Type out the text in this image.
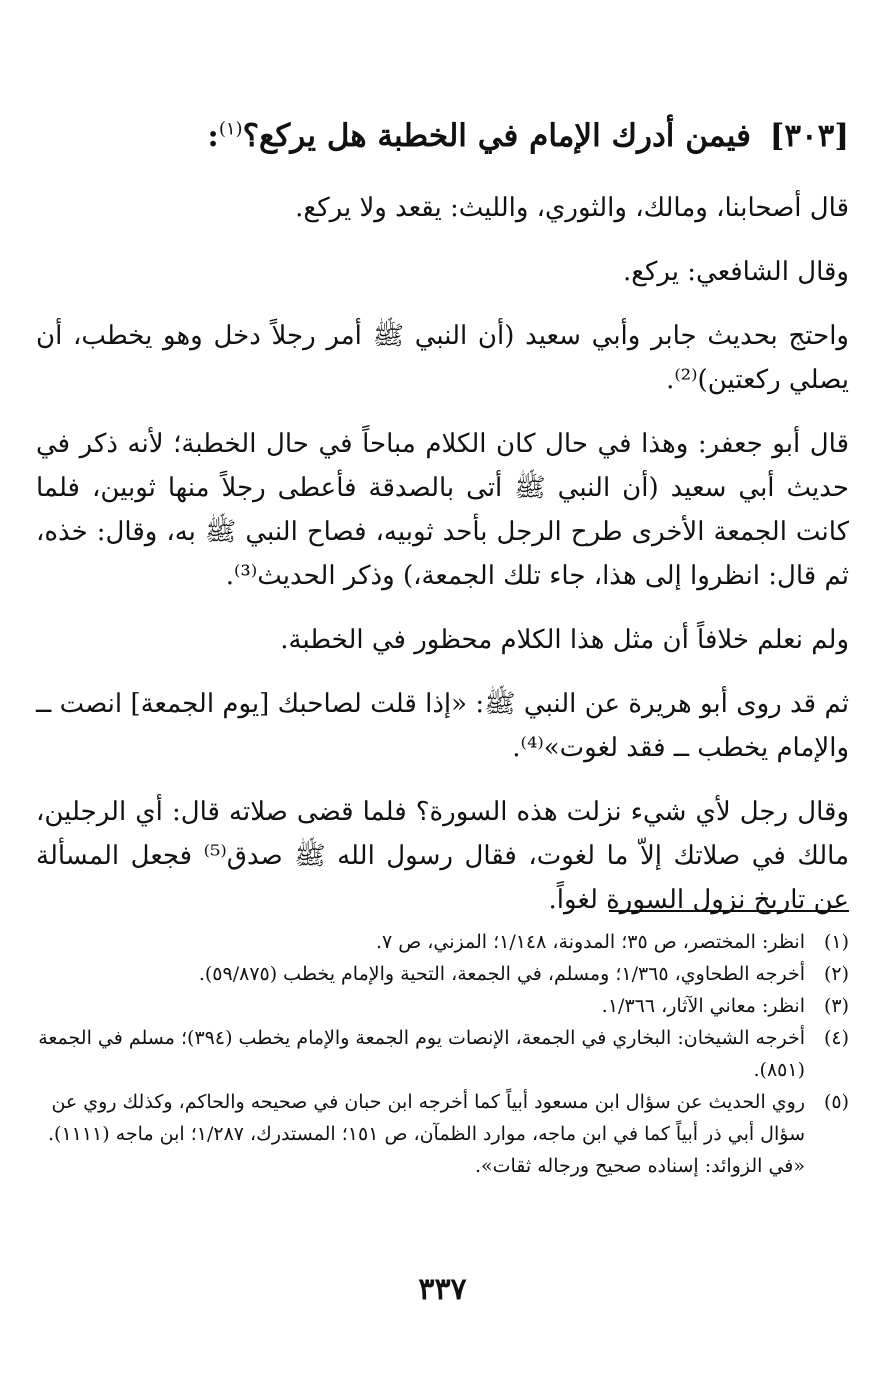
[٣٠٣] فيمن أدرك الإمام في الخطبة هل يركع؟$^{(١)}$:

قال أصحابنا، ومالك، والثوري، والليث: يقعد ولا يركع.

وقال الشافعي: يركع.

واحتج بحديث جابر وأبي سعيد (أن النبي ﷺ أمر رجلاً دخل وهو يخطب، أن يصلي ركعتين)⁽²⁾.

قال أبو جعفر: وهذا في حال كان الكلام مباحاً في حال الخطبة؛ لأنه ذكر في حديث أبي سعيد (أن النبي ﷺ أتى بالصدقة فأعطى رجلاً منها ثوبين، فلما كانت الجمعة الأخرى طرح الرجل بأحد ثوبيه، فصاح النبي ﷺ به، وقال: خذه، ثم قال: انظروا إلى هذا، جاء تلك الجمعة،) وذكر الحديث⁽³⁾.

ولم نعلم خلافاً أن مثل هذا الكلام محظور في الخطبة.

ثم قد روى أبو هريرة عن النبي ﷺ: «إذا قلت لصاحبك [يوم الجمعة] انصت ــ والإمام يخطب ــ فقد لغوت»⁽⁴⁾.

وقال رجل لأي شيء نزلت هذه السورة؟ فلما قضى صلاته قال: أي الرجلين، مالك في صلاتك إلاّ ما لغوت، فقال رسول الله ﷺ صدق⁽⁵⁾ فجعل المسألة عن تاريخ نزول السورة لغواً.

(١)
انظر: المختصر، ص ٣٥؛ المدونة، ١/١٤٨؛ المزني، ص ٧.
(٢)
أخرجه الطحاوي، ١/٣٦٥؛ ومسلم، في الجمعة، التحية والإمام يخطب (٥٩/٨٧٥).
(٣)
انظر: معاني الآثار، ١/٣٦٦.
(٤)
أخرجه الشيخان: البخاري في الجمعة، الإنصات يوم الجمعة والإمام يخطب (٣٩٤)؛ مسلم في الجمعة (٨٥١).
(٥)
روي الحديث عن سؤال ابن مسعود أبياً كما أخرجه ابن حبان في صحيحه والحاكم، وكذلك روي عن سؤال أبي ذر أبياً كما في ابن ماجه، موارد الظمآن، ص ١٥١؛ المستدرك، ١/٢٨٧؛ ابن ماجه (١١١١).
«في الزوائد: إسناده صحيح ورجاله ثقات».
٣٣٧
